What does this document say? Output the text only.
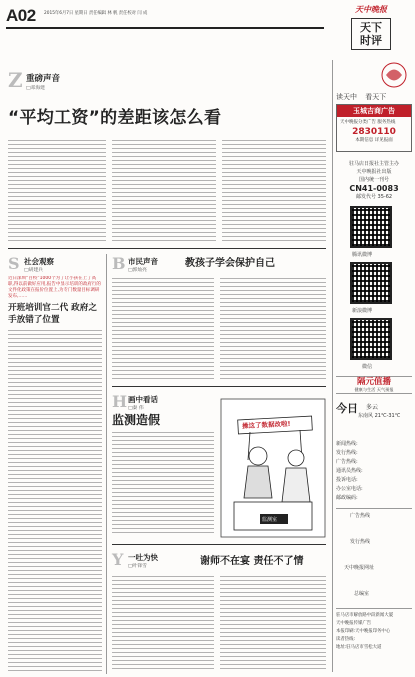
A02 2015年6月7日 星期日 责任编辑 林 帆 责任校对 闫 成	天中晚报
天下
时评
Z 重磅声音
□邓海建
“平均工资”的差距该怎么看
S 社会观察
□胡建兵
近日深圳“百校”1000个为了让小孩在上了高职,得以前做好应用,报告中显示培训的政府行的文件化政策在报价位置上,为专门数量目标调研发布,……
开班培训官二代 政府之手放错了位置
B 市民声音
□郭灿亮
教孩子学会保护自己
H 画中看话
□秦 伟
监测造假	操这了数据改啦!
监测室
Y 一吐为快
□叶锋雪	谢师不在宴 责任不了情
读天中 看天下
玉城吉商广告
天中晚报分类广告 服务热线
2830110
本期信息 详见报面
驻马店日报社主管主办
天中晚报社出版
国内统一刊号
CN41-0083
邮发代号 35-62
腾讯微博
新浪微博
微信
隔元值播
健康与生活 天气预报
今日	多云
东南风 21℃-31℃
新闻热线:
发行热线:
广告热线:
通讯员热线:
投诉电话:
办公室电话:
邮政编码:
广告热线
发行热线
天中晚报网址
总编室
驻马店市解放路中段新闻大厦
天中晚报传媒广告
本报印刷:天中晚报印务中心
读者热线:
地址:驻马店市雪松大道
